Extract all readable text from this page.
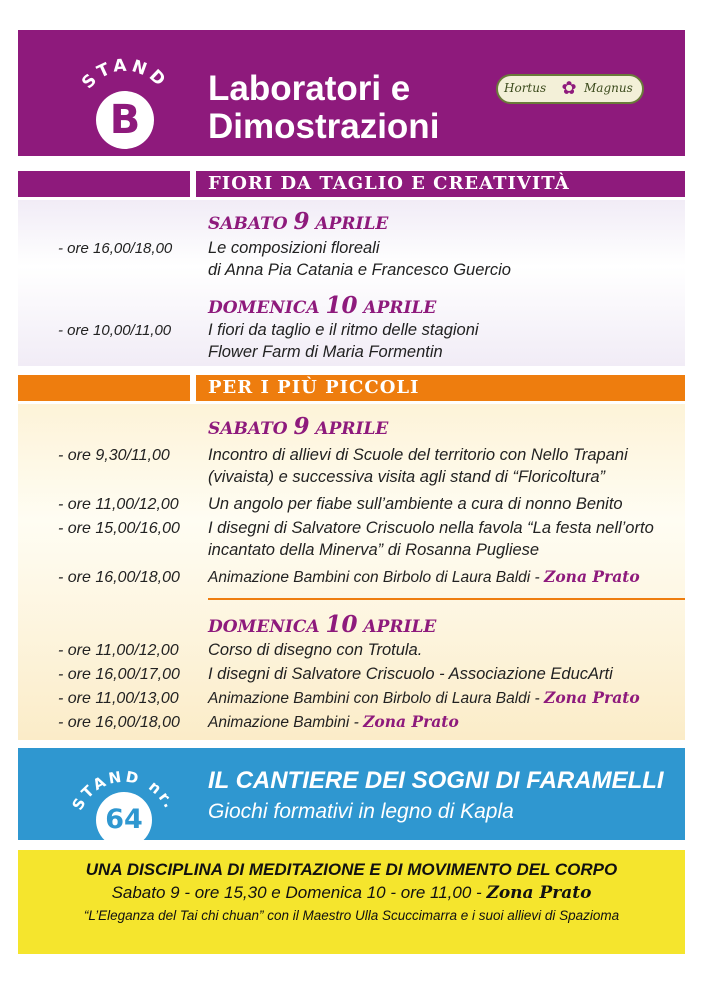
STAND
B
Laboratori e
Dimostrazioni
Hortus ✿ Magnus
FIORI DA TAGLIO E CREATIVITÀ
SABATO 9 APRILE
- ore 16,00/18,00 Le composizioni floreali
di Anna Pia Catania e Francesco Guercio
DOMENICA 10 APRILE
- ore 10,00/11,00 I fiori da taglio e il ritmo delle stagioni
Flower Farm di Maria Formentin
PER I PIÙ PICCOLI
SABATO 9 APRILE
- ore 9,30/11,00 Incontro di allievi di Scuole del territorio con Nello Trapani
(vivaista) e successiva visita agli stand di “Floricoltura”
- ore 11,00/12,00 Un angolo per fiabe sull’ambiente a cura di nonno Benito
- ore 15,00/16,00 I disegni di Salvatore Criscuolo nella favola “La festa nell’orto
incantato della Minerva” di Rosanna Pugliese
- ore 16,00/18,00 Animazione Bambini con Birbolo di Laura Baldi - Zona Prato
DOMENICA 10 APRILE
- ore 11,00/12,00 Corso di disegno con Trotula.
- ore 16,00/17,00 I disegni di Salvatore Criscuolo - Associazione EducArti
- ore 11,00/13,00 Animazione Bambini con Birbolo di Laura Baldi - Zona Prato
- ore 16,00/18,00 Animazione Bambini - Zona Prato
STAND nr.
64
IL CANTIERE DEI SOGNI DI FARAMELLI
Giochi formativi in legno di Kapla
UNA DISCIPLINA DI MEDITAZIONE E DI MOVIMENTO DEL CORPO
Sabato 9 - ore 15,30 e Domenica 10 - ore 11,00 - Zona Prato
“L’Eleganza del Tai chi chuan” con il Maestro Ulla Scuccimarra e i suoi allievi di Spazioma
